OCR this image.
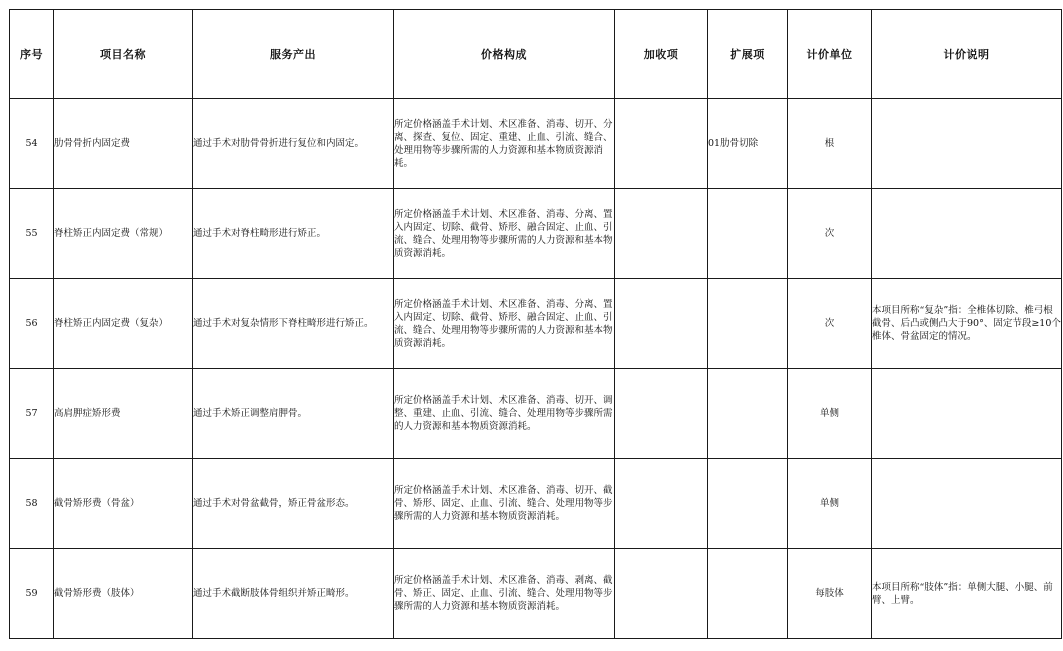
序号	项目名称	服务产出	价格构成	加收项	扩展项	计价单位	计价说明
54	肋骨骨折内固定费	通过手术对肋骨骨折进行复位和内固定。	所定价格涵盖手术计划、术区准备、消毒、切开、分离、探查、复位、固定、重建、止血、引流、缝合、处理用物等步骤所需的人力资源和基本物质资源消耗。		01肋骨切除	根	
55	脊柱矫正内固定费（常规）	通过手术对脊柱畸形进行矫正。	所定价格涵盖手术计划、术区准备、消毒、分离、置入内固定、切除、截骨、矫形、融合固定、止血、引流、缝合、处理用物等步骤所需的人力资源和基本物质资源消耗。			次	
56	脊柱矫正内固定费（复杂）	通过手术对复杂情形下脊柱畸形进行矫正。	所定价格涵盖手术计划、术区准备、消毒、分离、置入内固定、切除、截骨、矫形、融合固定、止血、引流、缝合、处理用物等步骤所需的人力资源和基本物质资源消耗。			次	本项目所称“复杂”指：全椎体切除、椎弓根截骨、后凸或侧凸大于90°、固定节段≥10个椎体、骨盆固定的情况。
57	高肩胛症矫形费	通过手术矫正调整肩胛骨。	所定价格涵盖手术计划、术区准备、消毒、切开、调整、重建、止血、引流、缝合、处理用物等步骤所需的人力资源和基本物质资源消耗。			单侧	
58	截骨矫形费（骨盆）	通过手术对骨盆截骨，矫正骨盆形态。	所定价格涵盖手术计划、术区准备、消毒、切开、截骨、矫形、固定、止血、引流、缝合、处理用物等步骤所需的人力资源和基本物质资源消耗。			单侧	
59	截骨矫形费（肢体）	通过手术截断肢体骨组织并矫正畸形。	所定价格涵盖手术计划、术区准备、消毒、剥离、截骨、矫正、固定、止血、引流、缝合、处理用物等步骤所需的人力资源和基本物质资源消耗。			每肢体	本项目所称“肢体”指：单侧大腿、小腿、前臂、上臂。
